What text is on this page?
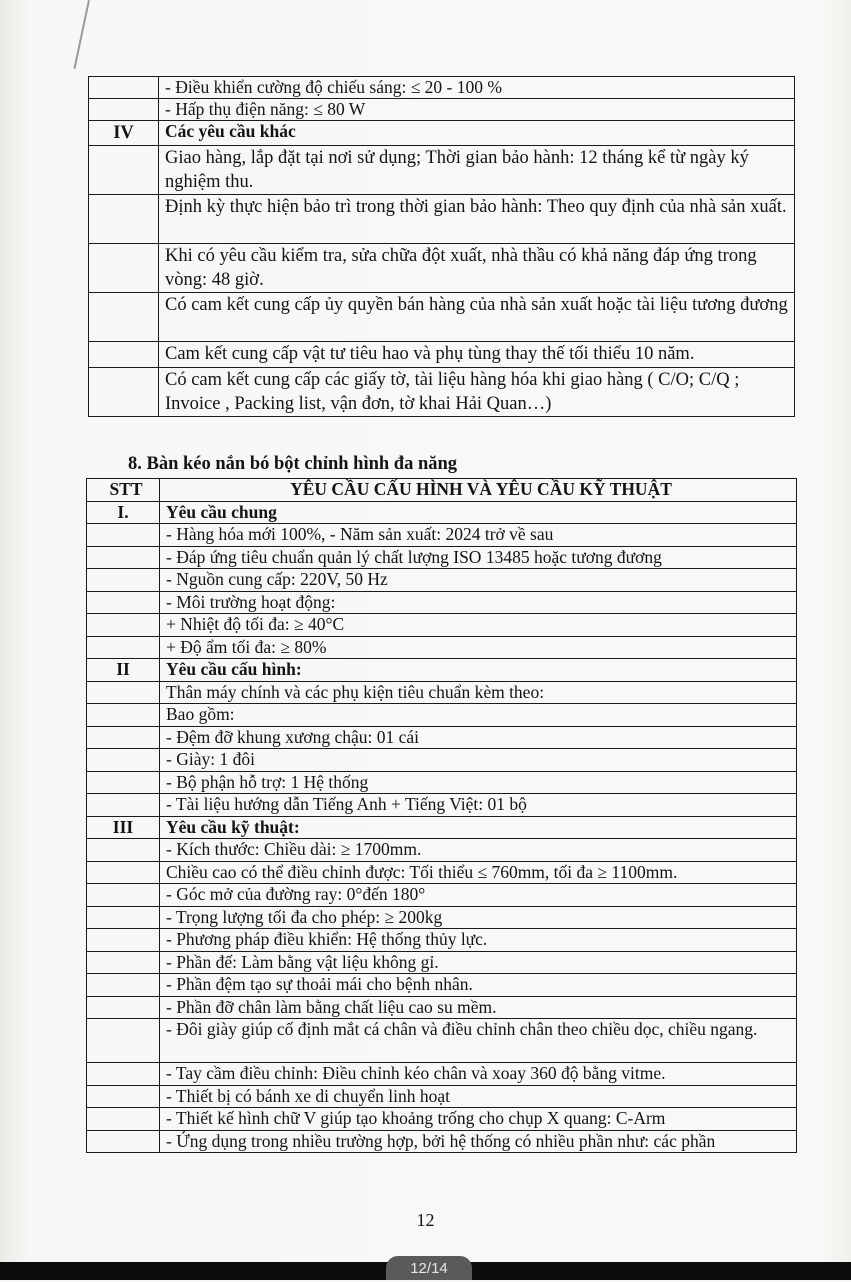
	- Điều khiển cường độ chiếu sáng: ≤ 20 - 100 %
	- Hấp thụ điện năng: ≤ 80 W
IV	Các yêu cầu khác
	Giao hàng, lắp đặt tại nơi sử dụng; Thời gian bảo hành: 12 tháng kể từ ngày ký nghiệm thu.
	Định kỳ thực hiện bảo trì trong thời gian bảo hành: Theo quy định của nhà sản xuất.
	Khi có yêu cầu kiểm tra, sửa chữa đột xuất, nhà thầu có khả năng đáp ứng trong vòng: 48 giờ.
	Có cam kết cung cấp ủy quyền bán hàng của nhà sản xuất hoặc tài liệu tương đương
	Cam kết cung cấp vật tư tiêu hao và phụ tùng thay thế tối thiểu 10 năm.
	Có cam kết cung cấp các giấy tờ, tài liệu hàng hóa khi giao hàng ( C/O; C/Q ; Invoice , Packing list, vận đơn, tờ khai Hải Quan…)
8. Bàn kéo nắn bó bột chỉnh hình đa năng
STT	YÊU CẦU CẤU HÌNH VÀ YÊU CẦU KỸ THUẬT
I.	Yêu cầu chung
	- Hàng hóa mới 100%, - Năm sản xuất: 2024 trở về sau
	- Đáp ứng tiêu chuẩn quản lý chất lượng ISO 13485 hoặc tương đương
	- Nguồn cung cấp: 220V, 50 Hz
	- Môi trường hoạt động:
	+ Nhiệt độ tối đa: ≥ 40°C
	+ Độ ẩm tối đa: ≥ 80%
II	Yêu cầu cấu hình:
	Thân máy chính và các phụ kiện tiêu chuẩn kèm theo:
	Bao gồm:
	- Đệm đỡ khung xương chậu: 01 cái
	- Giày: 1 đôi
	- Bộ phận hỗ trợ: 1 Hệ thống
	- Tài liệu hướng dẫn Tiếng Anh + Tiếng Việt: 01 bộ
III	Yêu cầu kỹ thuật:
	- Kích thước: Chiều dài: ≥ 1700mm.
	Chiều cao có thể điều chỉnh được: Tối thiểu ≤ 760mm, tối đa ≥ 1100mm.
	- Góc mở của đường ray: 0°đến 180°
	- Trọng lượng tối đa cho phép: ≥ 200kg
	- Phương pháp điều khiển: Hệ thống thủy lực.
	- Phần đế: Làm bằng vật liệu không gỉ.
	- Phần đệm tạo sự thoải mái cho bệnh nhân.
	- Phần đỡ chân làm bằng chất liệu cao su mềm.
	- Đôi giày giúp cố định mắt cá chân và điều chỉnh chân theo chiều dọc, chiều ngang.
	- Tay cầm điều chỉnh: Điều chỉnh kéo chân và xoay 360 độ bằng vitme.
	- Thiết bị có bánh xe di chuyển linh hoạt
	- Thiết kế hình chữ V giúp tạo khoảng trống cho chụp X quang: C-Arm
	- Ứng dụng trong nhiều trường hợp, bởi hệ thống có nhiều phần như: các phần
12
12/14
